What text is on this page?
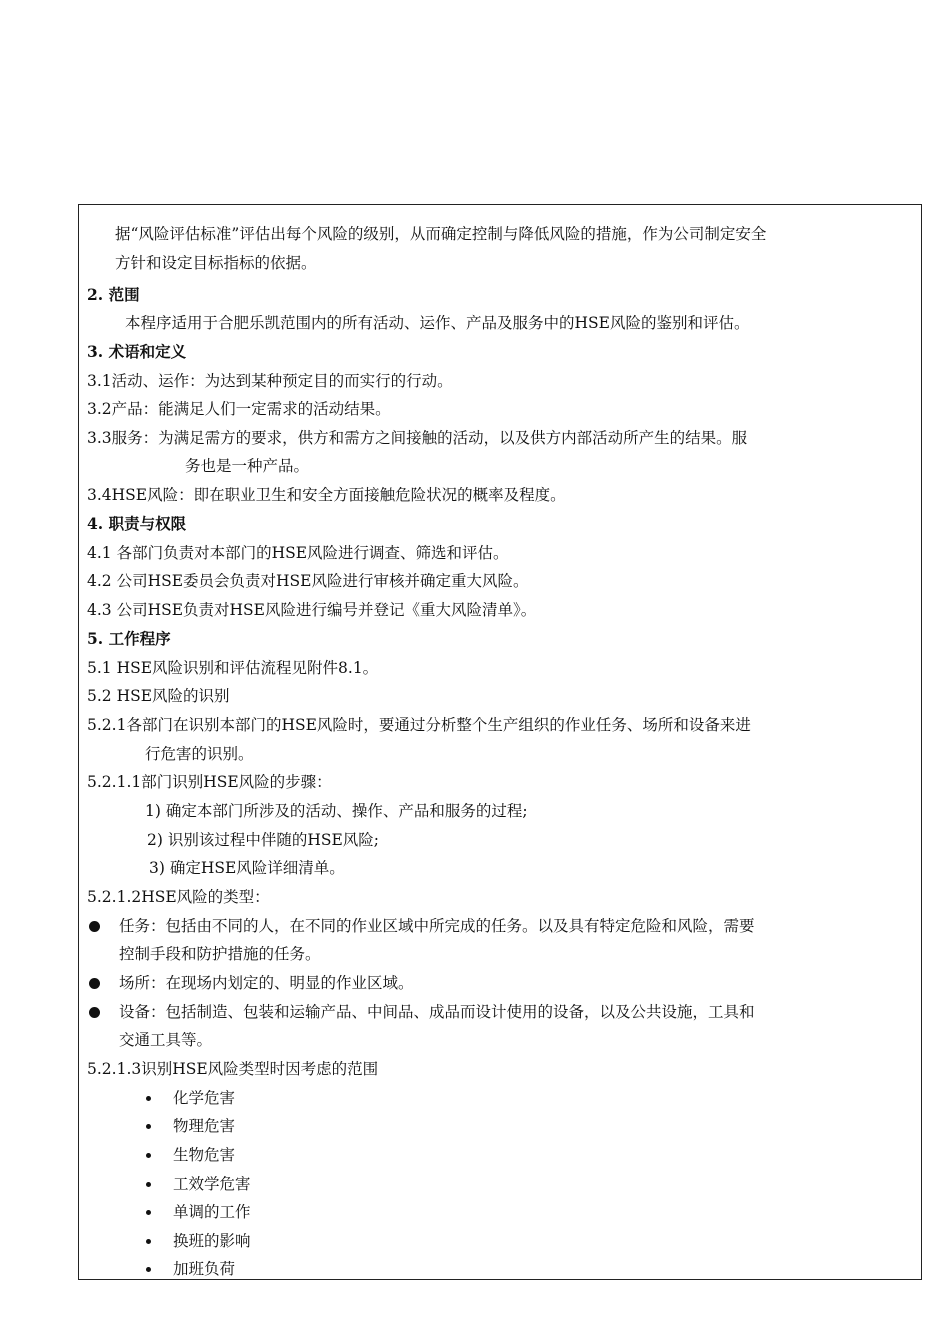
据“风险评估标准”评估出每个风险的级别，从而确定控制与降低风险的措施，作为公司制定安全
方针和设定目标指标的依据。
2. 范围
本程序适用于合肥乐凯范围内的所有活动、运作、产品及服务中的HSE风险的鉴别和评估。
3. 术语和定义
3.1活动、运作：为达到某种预定目的而实行的行动。
3.2产品：能满足人们一定需求的活动结果。
3.3服务：为满足需方的要求，供方和需方之间接触的活动，以及供方内部活动所产生的结果。服
务也是一种产品。
3.4HSE风险：即在职业卫生和安全方面接触危险状况的概率及程度。
4. 职责与权限
4.1 各部门负责对本部门的HSE风险进行调查、筛选和评估。
4.2 公司HSE委员会负责对HSE风险进行审核并确定重大风险。
4.3 公司HSE负责对HSE风险进行编号并登记《重大风险清单》。
5. 工作程序
5.1 HSE风险识别和评估流程见附件8.1。
5.2 HSE风险的识别
5.2.1各部门在识别本部门的HSE风险时，要通过分析整个生产组织的作业任务、场所和设备来进
行危害的识别。
5.2.1.1部门识别HSE风险的步骤：
1) 确定本部门所涉及的活动、操作、产品和服务的过程;
2) 识别该过程中伴随的HSE风险;
3) 确定HSE风险详细清单。
5.2.1.2HSE风险的类型：
任务：包括由不同的人，在不同的作业区域中所完成的任务。以及具有特定危险和风险，需要
控制手段和防护措施的任务。
场所：在现场内划定的、明显的作业区域。
设备：包括制造、包装和运输产品、中间品、成品而设计使用的设备，以及公共设施，工具和
交通工具等。
5.2.1.3识别HSE风险类型时因考虑的范围
化学危害
物理危害
生物危害
工效学危害
单调的工作
换班的影响
加班负荷
